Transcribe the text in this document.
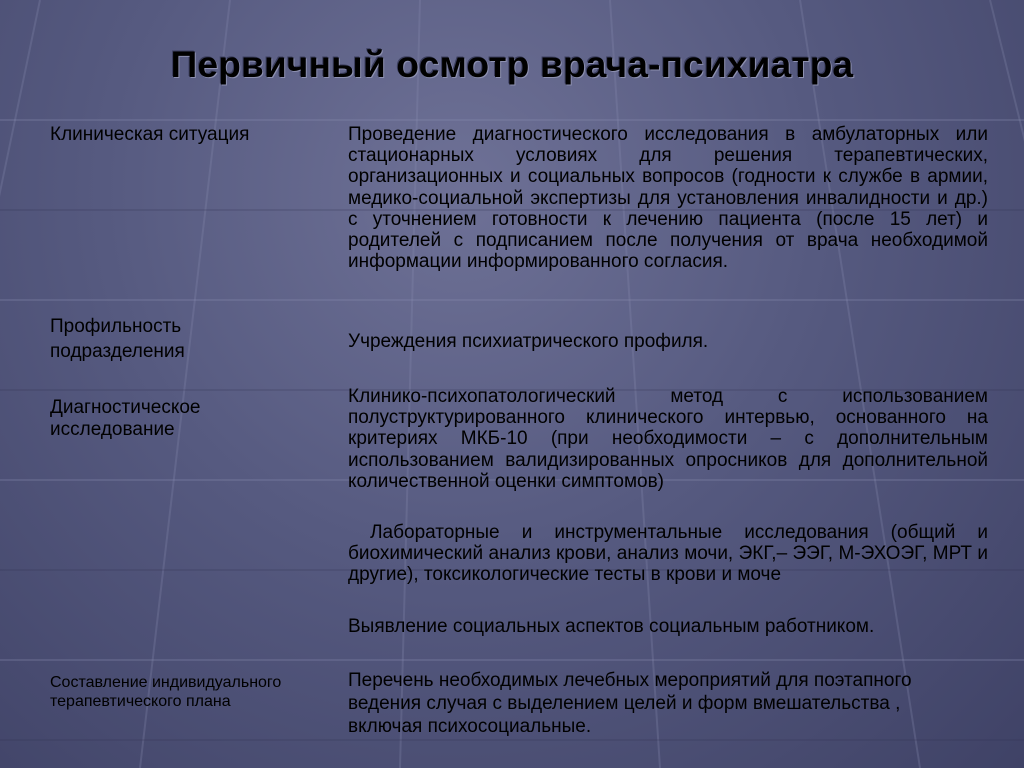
Первичный осмотр врача-психиатра
Клиническая ситуация	Проведение диагностического исследования в амбулаторных или стационарных условиях для решения терапевтических, организационных и социальных вопросов (годности к службе в армии, медико-социальной экспертизы для установления инвалидности и др.) с уточнением готовности к лечению пациента (после 15 лет) и родителей с подписанием после получения от врача необходимой информации информированного согласия.
Профильность
подразделения	Учреждения психиатрического профиля.
Диагностическое исследование
Клинико-психопатологический метод с использованием полуструктурированного клинического интервью, основанного на критериях МКБ-10 (при необходимости – с дополнительным использованием валидизированных опросников для дополнительной количественной оценки симптомов)
Лабораторные и инструментальные исследования (общий и биохимический анализ крови, анализ мочи, ЭКГ,– ЭЭГ, М-ЭХОЭГ, МРТ и другие), токсикологические тесты в крови и моче
Выявление социальных аспектов социальным работником.
Составление индивидуального терапевтического плана
Перечень необходимых лечебных мероприятий для поэтапного ведения случая с выделением целей и форм вмешательства , включая психосоциальные.
